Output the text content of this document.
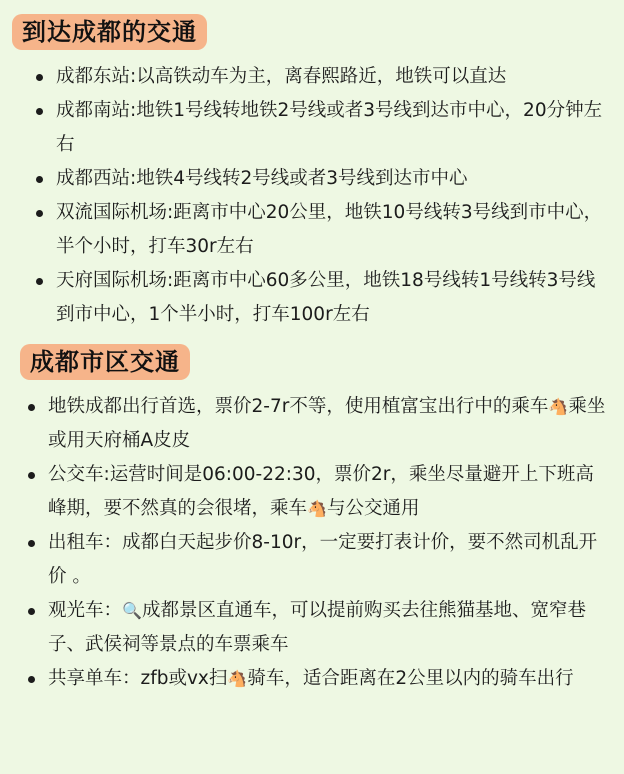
到达成都的交通
成都东站:以高铁动车为主，离春熙路近，地铁可以直达
成都南站:地铁1号线转地铁2号线或者3号线到达市中心，20分钟左右
成都西站:地铁4号线转2号线或者3号线到达市中心
双流国际机场:距离市中心20公里，地铁10号线转3号线到市中心，半个小时，打车30r左右
天府国际机场:距离市中心60多公里，地铁18号线转1号线转3号线到市中心，1个半小时，打车100r左右
成都市区交通
地铁成都出行首选，票价2-7r不等，使用植富宝出行中的乘车🐴乘坐或用天府桶A皮皮
公交车:运营时间是06:00-22:30，票价2r，乘坐尽量避开上下班高峰期，要不然真的会很堵，乘车🐴与公交通用
出租车：成都白天起步价8-10r，一定要打表计价，要不然司机乱开价 。
观光车：🔍成都景区直通车，可以提前购买去往熊猫基地、宽窄巷子、武侯祠等景点的车票乘车
共享单车：zfb或vx扫🐴骑车，适合距离在2公里以内的骑车出行
